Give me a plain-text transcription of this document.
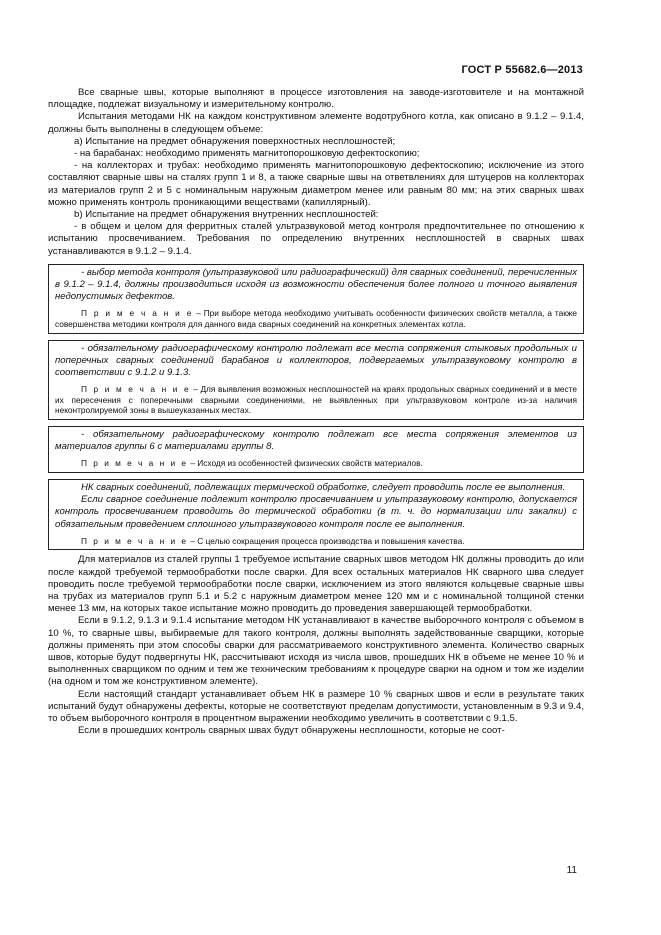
ГОСТ Р 55682.6—2013

Все сварные швы, которые выполняют в процессе изготовления на заводе-изготовителе и на монтажной площадке, подлежат визуальному и измерительному контролю.

Испытания методами НК на каждом конструктивном элементе водотрубного котла, как описано в 9.1.2 – 9.1.4, должны быть выполнены в следующем объеме:

a) Испытание на предмет обнаружения поверхностных несплошностей;

- на барабанах: необходимо применять магнитопорошковую дефектоскопию;

- на коллекторах и трубах: необходимо применять магнитопорошковую дефектоскопию; исключение из этого составляют сварные швы на сталях групп 1 и 8, а также сварные швы на ответвлениях для штуцеров на коллекторах из материалов групп 2 и 5 с номинальным наружным диаметром менее или равным 80 мм; на этих сварных швах можно применять контроль проникающими веществами (капиллярный).

b) Испытание на предмет обнаружения внутренних несплошностей:

- в общем и целом для ферритных сталей ультразвуковой метод контроля предпочтительнее по отношению к испытанию просвечиванием. Требования по определению внутренних несплошностей в сварных швах устанавливаются в 9.1.2 – 9.1.4.

- выбор метода контроля (ультразвуковой или радиографический) для сварных соединений, перечисленных в 9.1.2 – 9.1.4, должны производиться исходя из возможности обеспечения более полного и точного выявления недопустимых дефектов.

П р и м е ч а н и е – При выборе метода необходимо учитывать особенности физических свойств металла, а также совершенства методики контроля для данного вида сварных соединений на конкретных элементах котла.

- обязательному радиографическому контролю подлежат все места сопряжения стыковых продольных и поперечных сварных соединений барабанов и коллекторов, подвергаемых ультразвуковому контролю в соответствии с 9.1.2 и 9.1.3.

П р и м е ч а н и е – Для выявления возможных несплошностей на краях продольных сварных соединений и в месте их пересечения с поперечными сварными соединениями, не выявленных при ультразвуковом контроле из-за наличия неконтролируемой зоны в вышеуказанных местах.

- обязательному радиографическому контролю подлежат все места сопряжения элементов из материалов группы 6 с материалами группы 8.

П р и м е ч а н и е – Исходя из особенностей физических свойств материалов.

НК сварных соединений, подлежащих термической обработке, следует проводить после ее выполнения.

Если сварное соединение подлежит контролю просвечиванием и ультразвуковому контролю, допускается контроль просвечиванием проводить до термической обработки (в т. ч. до нормализации или закалки) с обязательным проведением сплошного ультразвукового контроля после ее выполнения.

П р и м е ч а н и е – С целью сокращения процесса производства и повышения качества.

Для материалов из сталей группы 1 требуемое испытание сварных швов методом НК должны проводить до или после каждой требуемой термообработки после сварки. Для всех остальных материалов НК сварного шва следует проводить после требуемой термообработки после сварки, исключением из этого являются кольцевые сварные швы на трубах из материалов групп 5.1 и 5.2 с наружным диаметром менее 120 мм и с номинальной толщиной стенки менее 13 мм, на которых такое испытание можно проводить до проведения завершающей термообработки.

Если в 9.1.2, 9.1.3 и 9.1.4 испытание методом НК устанавливают в качестве выборочного контроля с объемом в 10 %, то сварные швы, выбираемые для такого контроля, должны выполнять задействованные сварщики, которые должны применять при этом способы сварки для рассматриваемого конструктивного элемента. Количество сварных швов, которые будут подвергнуты НК, рассчитывают исходя из числа швов, прошедших НК в объеме не менее 10 % и выполненных сварщиком по одним и тем же техническим требованиям к процедуре сварки на одном и том же изделии (на одном и том же конструктивном элементе).

Если настоящий стандарт устанавливает объем НК в размере 10 % сварных швов и если в результате таких испытаний будут обнаружены дефекты, которые не соответствуют пределам допустимости, установленным в 9.3 и 9.4, то объем выборочного контроля в процентном выражении необходимо увеличить в соответствии с 9.1.5.

Если в прошедших контроль сварных швах будут обнаружены несплошности, которые не соот-

11
